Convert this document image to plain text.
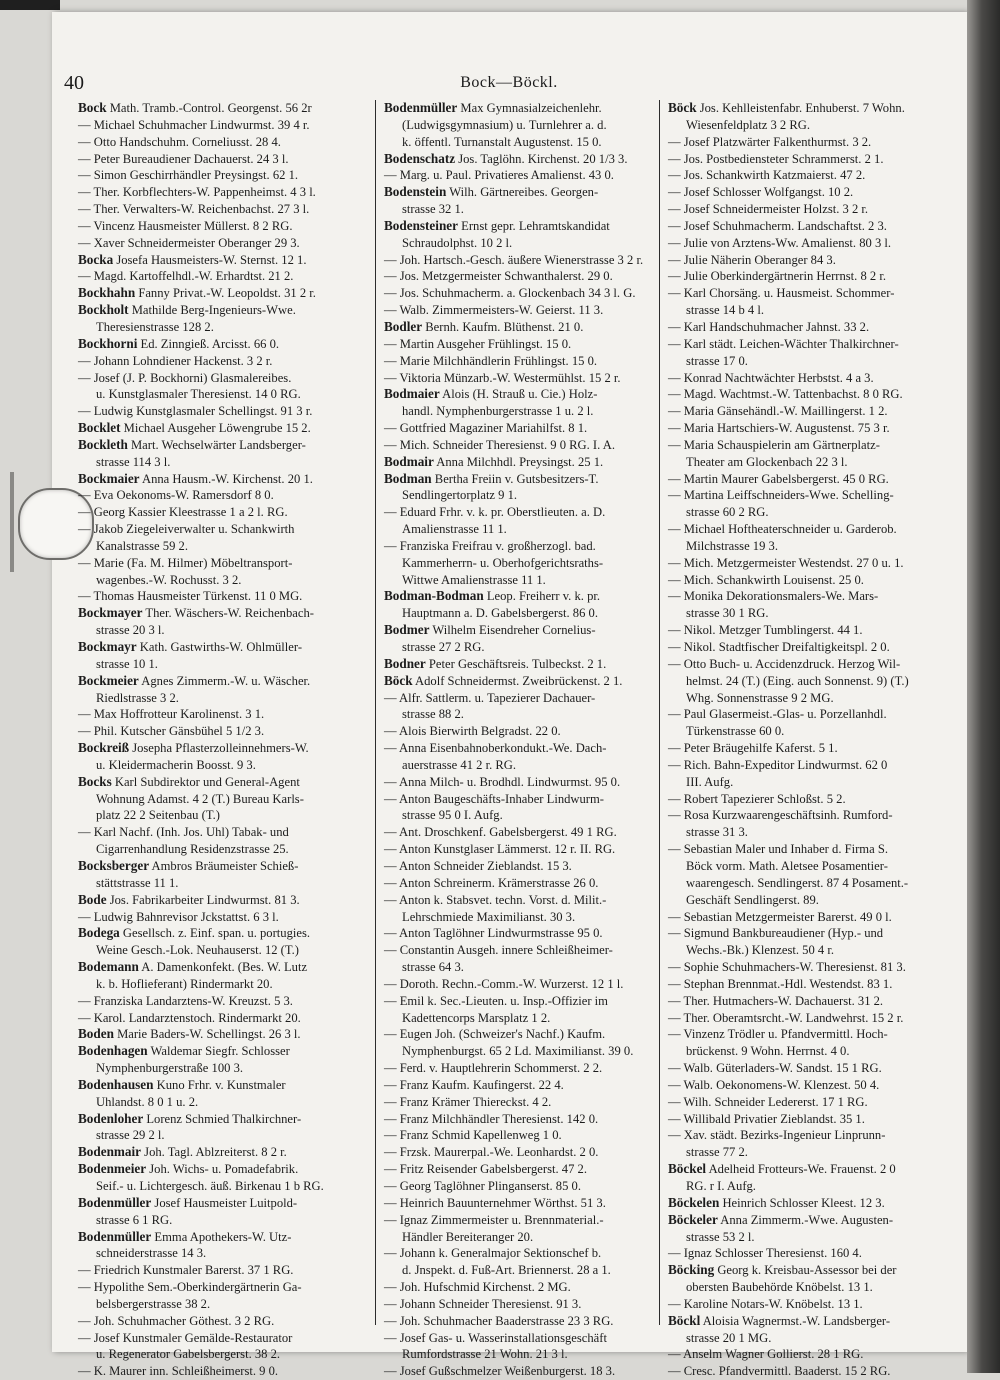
40	Bock—Böckl.
Bock Math. Tramb.-Control. Georgenst. 56 2r
— Michael Schuhmacher Lindwurmst. 39 4 r.
— Otto Handschuhm. Corneliusst. 28 4.
— Peter Bureaudiener Dachauerst. 24 3 l.
— Simon Geschirrhändler Preysingst. 62 1.
— Ther. Korbflechters-W. Pappenheimst. 4 3 l.
— Ther. Verwalters-W. Reichenbachst. 27 3 l.
— Vincenz Hausmeister Müllerst. 8 2 RG.
— Xaver Schneidermeister Oberanger 29 3.
Bocka Josefa Hausmeisters-W. Sternst. 12 1.
— Magd. Kartoffelhdl.-W. Erhardtst. 21 2.
Bockhahn Fanny Privat.-W. Leopoldst. 31 2 r.
Bockholt Mathilde Berg-Ingenieurs-Wwe.
Theresienstrasse 128 2.
Bockhorni Ed. Zinngieß. Arcisst. 66 0.
— Johann Lohndiener Hackenst. 3 2 r.
— Josef (J. P. Bockhorni) Glasmalereibes.
u. Kunstglasmaler Theresienst. 14 0 RG.
— Ludwig Kunstglasmaler Schellingst. 91 3 r.
Bocklet Michael Ausgeher Löwengrube 15 2.
Bockleth Mart. Wechselwärter Landsberger-
strasse 114 3 l.
Bockmaier Anna Hausm.-W. Kirchenst. 20 1.
— Eva Oekonoms-W. Ramersdorf 8 0.
— Georg Kassier Kleestrasse 1 a 2 l. RG.
— Jakob Ziegeleiverwalter u. Schankwirth
Kanalstrasse 59 2.
— Marie (Fa. M. Hilmer) Möbeltransport-
wagenbes.-W. Rochusst. 3 2.
— Thomas Hausmeister Türkenst. 11 0 MG.
Bockmayer Ther. Wäschers-W. Reichenbach-
strasse 20 3 l.
Bockmayr Kath. Gastwirths-W. Ohlmüller-
strasse 10 1.
Bockmeier Agnes Zimmerm.-W. u. Wäscher.
Riedlstrasse 3 2.
— Max Hoffrotteur Karolinenst. 3 1.
— Phil. Kutscher Gänsbühel 5 1/2 3.
Bockreiß Josepha Pflasterzolleinnehmers-W.
u. Kleidermacherin Boosst. 9 3.
Bocks Karl Subdirektor und General-Agent
Wohnung Adamst. 4 2 (T.) Bureau Karls-
platz 22 2 Seitenbau (T.)
— Karl Nachf. (Inh. Jos. Uhl) Tabak- und
Cigarrenhandlung Residenzstrasse 25.
Bocksberger Ambros Bräumeister Schieß-
stättstrasse 11 1.
Bode Jos. Fabrikarbeiter Lindwurmst. 81 3.
— Ludwig Bahnrevisor Jckstattst. 6 3 l.
Bodega Gesellsch. z. Einf. span. u. portugies.
Weine Gesch.-Lok. Neuhauserst. 12 (T.)
Bodemann A. Damenkonfekt. (Bes. W. Lutz
k. b. Hoflieferant) Rindermarkt 20.
— Franziska Landarztens-W. Kreuzst. 5 3.
— Karol. Landarztenstoch. Rindermarkt 20.
Boden Marie Baders-W. Schellingst. 26 3 l.
Bodenhagen Waldemar Siegfr. Schlosser
Nymphenburgerstraße 100 3.
Bodenhausen Kuno Frhr. v. Kunstmaler
Uhlandst. 8 0 1 u. 2.
Bodenloher Lorenz Schmied Thalkirchner-
strasse 29 2 l.
Bodenmair Joh. Tagl. Ablzreiterst. 8 2 r.
Bodenmeier Joh. Wichs- u. Pomadefabrik.
Seif.- u. Lichtergesch. äuß. Birkenau 1 b RG.
Bodenmüller Josef Hausmeister Luitpold-
strasse 6 1 RG.
Bodenmüller Emma Apothekers-W. Utz-
schneiderstrasse 14 3.
— Friedrich Kunstmaler Barerst. 37 1 RG.
— Hypolithe Sem.-Oberkindergärtnerin Ga-
belsbergerstrasse 38 2.
— Joh. Schuhmacher Göthest. 3 2 RG.
— Josef Kunstmaler Gemälde-Restaurator
u. Regenerator Gabelsbergerst. 38 2.
— K. Maurer inn. Schleißheimerst. 9 0.
Bodenmüller Max Gymnasialzeichenlehr.
(Ludwigsgymnasium) u. Turnlehrer a. d.
k. öffentl. Turnanstalt Augustenst. 15 0.
Bodenschatz Jos. Taglöhn. Kirchenst. 20 1/3 3.
— Marg. u. Paul. Privatieres Amalienst. 43 0.
Bodenstein Wilh. Gärtnereibes. Georgen-
strasse 32 1.
Bodensteiner Ernst gepr. Lehramtskandidat
Schraudolphst. 10 2 l.
— Joh. Hartsch.-Gesch. äußere Wienerstrasse 3 2 r.
— Jos. Metzgermeister Schwanthalerst. 29 0.
— Jos. Schuhmacherm. a. Glockenbach 34 3 l. G.
— Walb. Zimmermeisters-W. Geierst. 11 3.
Bodler Bernh. Kaufm. Blüthenst. 21 0.
— Martin Ausgeher Frühlingst. 15 0.
— Marie Milchhändlerin Frühlingst. 15 0.
— Viktoria Münzarb.-W. Westermühlst. 15 2 r.
Bodmaier Alois (H. Strauß u. Cie.) Holz-
handl. Nymphenburgerstrasse 1 u. 2 l.
— Gottfried Magaziner Mariahilfst. 8 1.
— Mich. Schneider Theresienst. 9 0 RG. I. A.
Bodmair Anna Milchhdl. Preysingst. 25 1.
Bodman Bertha Freiin v. Gutsbesitzers-T.
Sendlingertorplatz 9 1.
— Eduard Frhr. v. k. pr. Oberstlieuten. a. D.
Amalienstrasse 11 1.
— Franziska Freifrau v. großherzogl. bad.
Kammerherrn- u. Oberhofgerichtsraths-
Wittwe Amalienstrasse 11 1.
Bodman-Bodman Leop. Freiherr v. k. pr.
Hauptmann a. D. Gabelsbergerst. 86 0.
Bodmer Wilhelm Eisendreher Cornelius-
strasse 27 2 RG.
Bodner Peter Geschäftsreis. Tulbeckst. 2 1.
Böck Adolf Schneidermst. Zweibrückenst. 2 1.
— Alfr. Sattlerm. u. Tapezierer Dachauer-
strasse 88 2.
— Alois Bierwirth Belgradst. 22 0.
— Anna Eisenbahnoberkondukt.-We. Dach-
auerstrasse 41 2 r. RG.
— Anna Milch- u. Brodhdl. Lindwurmst. 95 0.
— Anton Baugeschäfts-Inhaber Lindwurm-
strasse 95 0 I. Aufg.
— Ant. Droschkenf. Gabelsbergerst. 49 1 RG.
— Anton Kunstglaser Lämmerst. 12 r. II. RG.
— Anton Schneider Zieblandst. 15 3.
— Anton Schreinerm. Krämerstrasse 26 0.
— Anton k. Stabsvet. techn. Vorst. d. Milit.-
Lehrschmiede Maximilianst. 30 3.
— Anton Taglöhner Lindwurmstrasse 95 0.
— Constantin Ausgeh. innere Schleißheimer-
strasse 64 3.
— Doroth. Rechn.-Comm.-W. Wurzerst. 12 1 l.
— Emil k. Sec.-Lieuten. u. Insp.-Offizier im
Kadettencorps Marsplatz 1 2.
— Eugen Joh. (Schweizer's Nachf.) Kaufm.
Nymphenburgst. 65 2 Ld. Maximilianst. 39 0.
— Ferd. v. Hauptlehrerin Schommerst. 2 2.
— Franz Kaufm. Kaufingerst. 22 4.
— Franz Krämer Thiereckst. 4 2.
— Franz Milchhändler Theresienst. 142 0.
— Franz Schmid Kapellenweg 1 0.
— Frzsk. Maurerpal.-We. Leonhardst. 2 0.
— Fritz Reisender Gabelsbergerst. 47 2.
— Georg Taglöhner Plinganserst. 85 0.
— Heinrich Bauunternehmer Wörthst. 51 3.
— Ignaz Zimmermeister u. Brennmaterial.-
Händler Bereiteranger 20.
— Johann k. Generalmajor Sektionschef b.
d. Jnspekt. d. Fuß-Art. Briennerst. 28 a 1.
— Joh. Hufschmid Kirchenst. 2 MG.
— Johann Schneider Theresienst. 91 3.
— Joh. Schuhmacher Baaderstrasse 23 3 RG.
— Josef Gas- u. Wasserinstallationsgeschäft
Rumfordstrasse 21 Wohn. 21 3 l.
— Josef Gußschmelzer Weißenburgerst. 18 3.
Böck Jos. Kehlleistenfabr. Enhuberst. 7 Wohn.
Wiesenfeldplatz 3 2 RG.
— Josef Platzwärter Falkenthurmst. 3 2.
— Jos. Postbediensteter Schrammerst. 2 1.
— Jos. Schankwirth Katzmaierst. 47 2.
— Josef Schlosser Wolfgangst. 10 2.
— Josef Schneidermeister Holzst. 3 2 r.
— Josef Schuhmacherm. Landschaftst. 2 3.
— Julie von Arztens-Ww. Amalienst. 80 3 l.
— Julie Näherin Oberanger 84 3.
— Julie Oberkindergärtnerin Herrnst. 8 2 r.
— Karl Chorsäng. u. Hausmeist. Schommer-
strasse 14 b 4 l.
— Karl Handschuhmacher Jahnst. 33 2.
— Karl städt. Leichen-Wächter Thalkirchner-
strasse 17 0.
— Konrad Nachtwächter Herbstst. 4 a 3.
— Magd. Wachtmst.-W. Tattenbachst. 8 0 RG.
— Maria Gänsehändl.-W. Maillingerst. 1 2.
— Maria Hartschiers-W. Augustenst. 75 3 r.
— Maria Schauspielerin am Gärtnerplatz-
Theater am Glockenbach 22 3 l.
— Martin Maurer Gabelsbergerst. 45 0 RG.
— Martina Leiffschneiders-Wwe. Schelling-
strasse 60 2 RG.
— Michael Hoftheaterschneider u. Garderob.
Milchstrasse 19 3.
— Mich. Metzgermeister Westendst. 27 0 u. 1.
— Mich. Schankwirth Louisenst. 25 0.
— Monika Dekorationsmalers-We. Mars-
strasse 30 1 RG.
— Nikol. Metzger Tumblingerst. 44 1.
— Nikol. Stadtfischer Dreifaltigkeitspl. 2 0.
— Otto Buch- u. Accidenzdruck. Herzog Wil-
helmst. 24 (T.) (Eing. auch Sonnenst. 9) (T.)
Whg. Sonnenstrasse 9 2 MG.
— Paul Glasermeist.-Glas- u. Porzellanhdl.
Türkenstrasse 60 0.
— Peter Bräugehilfe Kaferst. 5 1.
— Rich. Bahn-Expeditor Lindwurmst. 62 0
III. Aufg.
— Robert Tapezierer Schloßst. 5 2.
— Rosa Kurzwaarengeschäftsinh. Rumford-
strasse 31 3.
— Sebastian Maler und Inhaber d. Firma S.
Böck vorm. Math. Aletsee Posamentier-
waarengesch. Sendlingerst. 87 4 Posament.-
Geschäft Sendlingerst. 89.
— Sebastian Metzgermeister Barerst. 49 0 l.
— Sigmund Bankbureaudiener (Hyp.- und
Wechs.-Bk.) Klenzest. 50 4 r.
— Sophie Schuhmachers-W. Theresienst. 81 3.
— Stephan Brennmat.-Hdl. Westendst. 83 1.
— Ther. Hutmachers-W. Dachauerst. 31 2.
— Ther. Oberamtsrcht.-W. Landwehrst. 15 2 r.
— Vinzenz Trödler u. Pfandvermittl. Hoch-
brückenst. 9 Wohn. Herrnst. 4 0.
— Walb. Güterladers-W. Sandst. 15 1 RG.
— Walb. Oekonomens-W. Klenzest. 50 4.
— Wilh. Schneider Ledererst. 17 1 RG.
— Willibald Privatier Zieblandst. 35 1.
— Xav. städt. Bezirks-Ingenieur Linprunn-
strasse 77 2.
Böckel Adelheid Frotteurs-We. Frauenst. 2 0
RG. r I. Aufg.
Böckelen Heinrich Schlosser Kleest. 12 3.
Böckeler Anna Zimmerm.-Wwe. Augusten-
strasse 53 2 l.
— Ignaz Schlosser Theresienst. 160 4.
Böcking Georg k. Kreisbau-Assessor bei der
obersten Baubehörde Knöbelst. 13 1.
— Karoline Notars-W. Knöbelst. 13 1.
Böckl Aloisia Wagnermst.-W. Landsberger-
strasse 20 1 MG.
— Anselm Wagner Gollierst. 28 1 RG.
— Cresc. Pfandvermittl. Baaderst. 15 2 RG.
